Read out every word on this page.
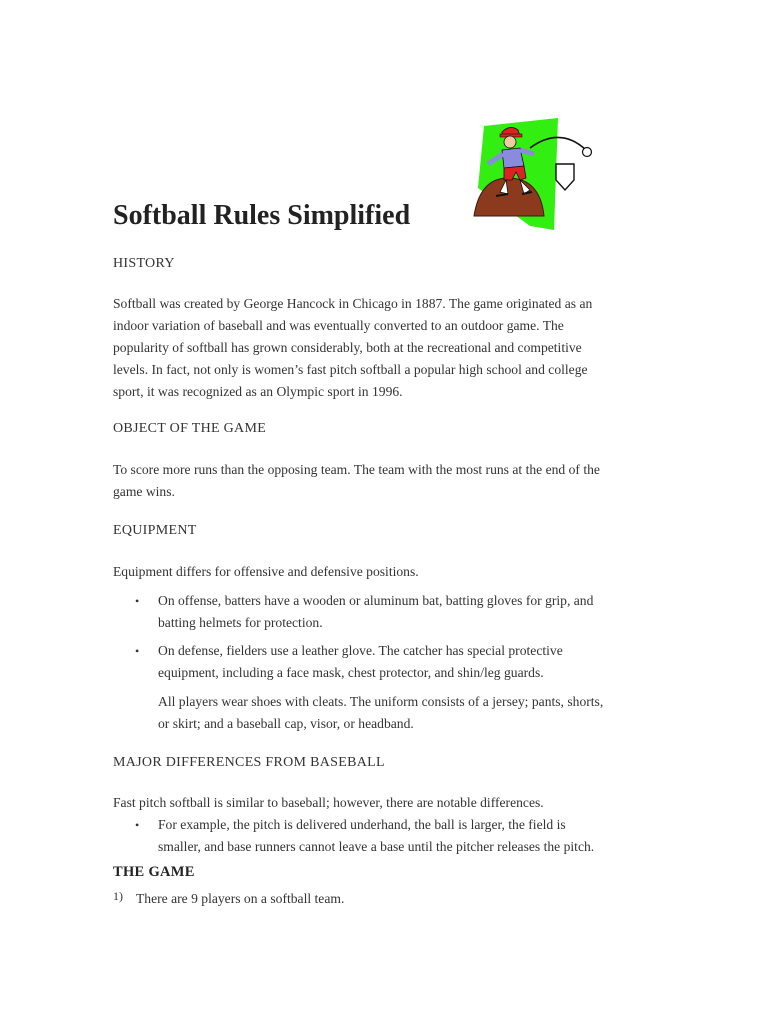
Softball Rules Simplified
HISTORY

Softball was created by George Hancock in Chicago in 1887. The game originated as an
indoor variation of baseball and was eventually converted to an outdoor game. The
popularity of softball has grown considerably, both at the recreational and competitive
levels. In fact, not only is women’s fast pitch softball a popular high school and college
sport, it was recognized as an Olympic sport in 1996.

OBJECT OF THE GAME

To score more runs than the opposing team. The team with the most runs at the end of the
game wins.

EQUIPMENT

Equipment differs for offensive and defensive positions.

•	On offense, batters have a wooden or aluminum bat, batting gloves for grip, and
batting helmets for protection.
•	On defense, fielders use a leather glove. The catcher has special protective
equipment, including a face mask, chest protector, and shin/leg guards.

All players wear shoes with cleats. The uniform consists of a jersey; pants, shorts,
or skirt; and a baseball cap, visor, or headband.

MAJOR DIFFERENCES FROM BASEBALL

Fast pitch softball is similar to baseball; however, there are notable differences.

•	For example, the pitch is delivered underhand, the ball is larger, the field is
smaller, and base runners cannot leave a base until the pitcher releases the pitch.
THE GAME
1) There are 9 players on a softball team.
